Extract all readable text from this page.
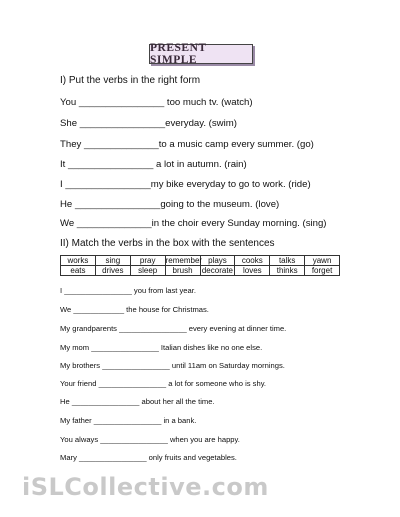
PRESENT SIMPLE
I) Put the verbs in the right form
You ________________ too much tv. (watch)
She ________________everyday. (swim)
They ______________to a music camp every summer. (go)
It ________________ a lot in autumn. (rain)
I ________________my bike everyday to go to work. (ride)
He ________________going to the museum. (love)
We ______________in the choir every Sunday morning. (sing)
II) Match the verbs in the box with the sentences
works	sing	pray	remember	plays	cooks	talks	yawn
eats	drives	sleep	brush	decorate	loves	thinks	forget
I ________________ you from last year.
We ____________ the house for Christmas.
My grandparents ________________ every evening at dinner time.
My mom ________________ Italian dishes like no one else.
My brothers ________________ until 11am on Saturday mornings.
Your friend ________________ a lot for someone who is shy.
He ________________ about her all the time.
My father ________________ in a bank.
You always ________________ when you are happy.
Mary ________________ only fruits and vegetables.
iSLCollective.com
